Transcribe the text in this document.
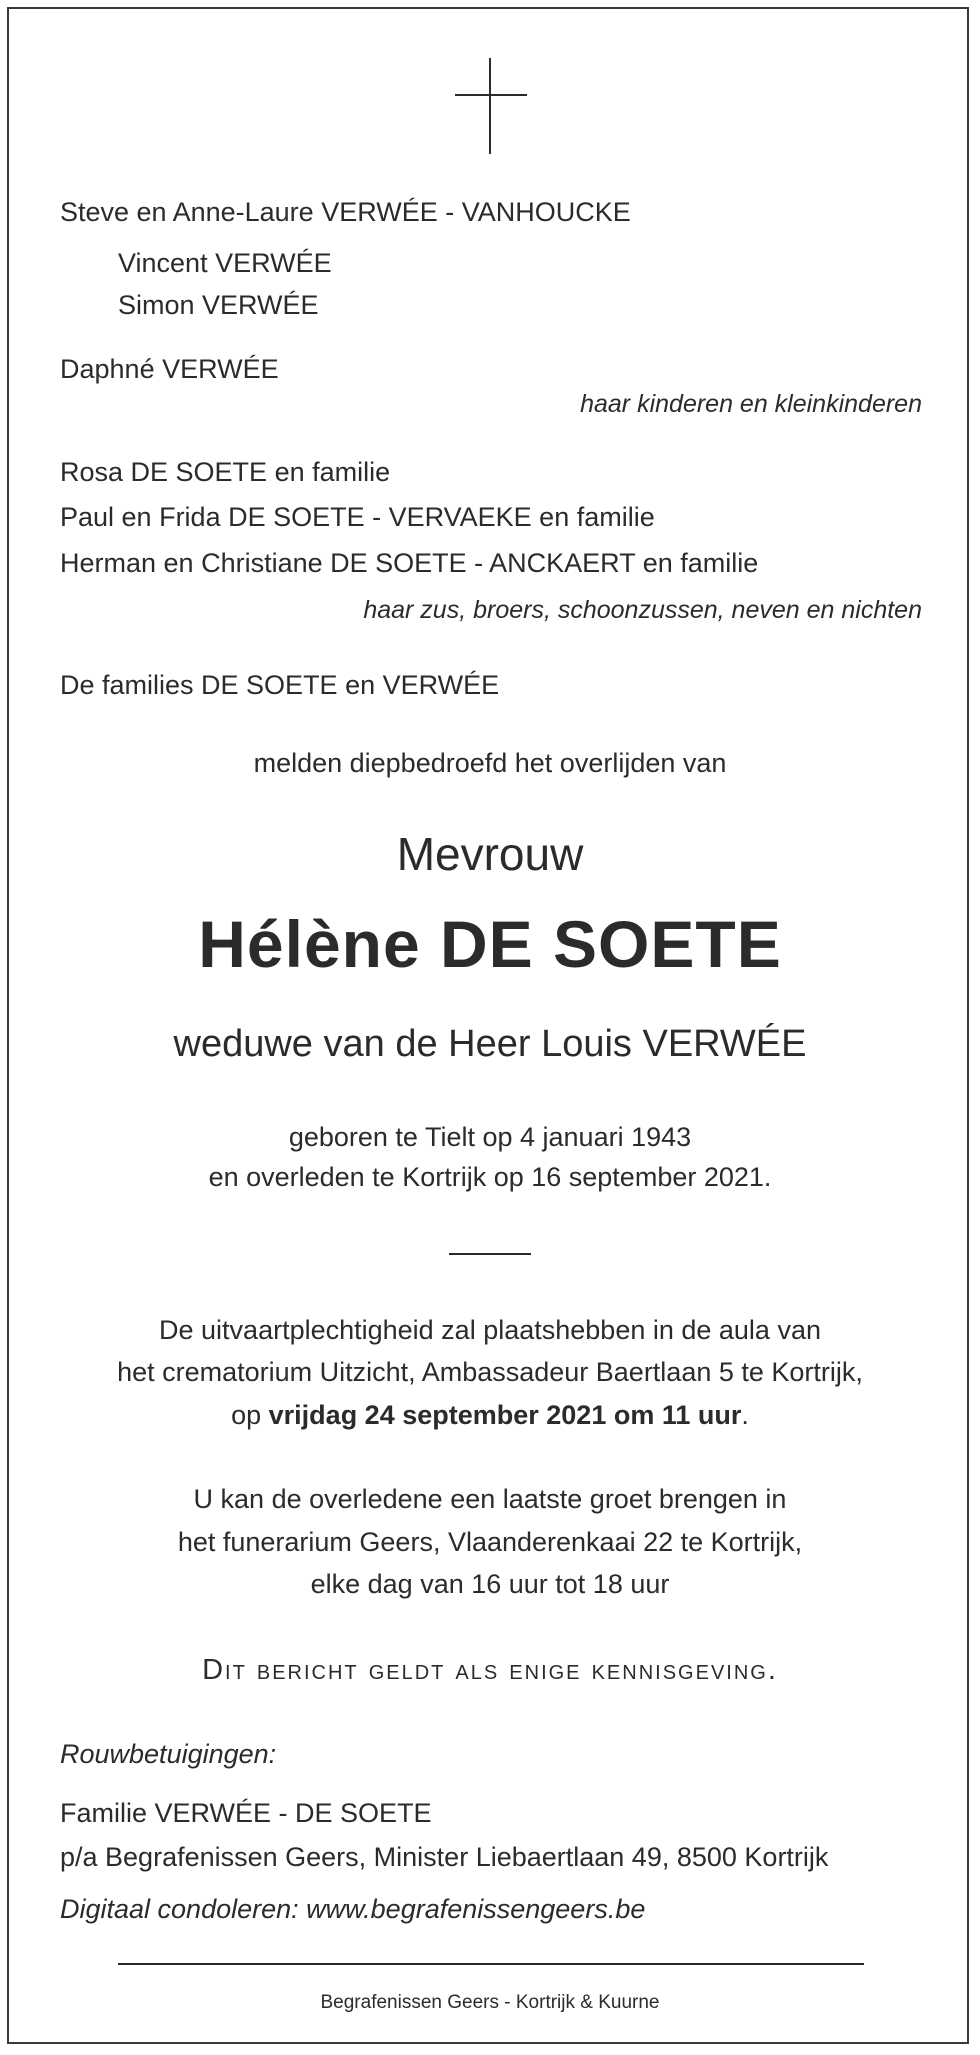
Steve en Anne-Laure VERWÉE - VANHOUCKE
Vincent VERWÉE
Simon VERWÉE
Daphné VERWÉE
haar kinderen en kleinkinderen
Rosa DE SOETE en familie
Paul en Frida DE SOETE - VERVAEKE en familie
Herman en Christiane DE SOETE - ANCKAERT en familie
haar zus, broers, schoonzussen, neven en nichten
De families DE SOETE en VERWÉE
melden diepbedroefd het overlijden van
Mevrouw
Hélène DE SOETE
weduwe van de Heer Louis VERWÉE
geboren te Tielt op 4 januari 1943
en overleden te Kortrijk op 16 september 2021.
De uitvaartplechtigheid zal plaatshebben in de aula van
het crematorium Uitzicht, Ambassadeur Baertlaan 5 te Kortrijk,
op vrijdag 24 september 2021 om 11 uur.
U kan de overledene een laatste groet brengen in
het funerarium Geers, Vlaanderenkaai 22 te Kortrijk,
elke dag van 16 uur tot 18 uur
Dit bericht geldt als enige kennisgeving.
Rouwbetuigingen:
Familie VERWÉE - DE SOETE
p/a Begrafenissen Geers, Minister Liebaertlaan 49, 8500 Kortrijk
Digitaal condoleren: www.begrafenissengeers.be
Begrafenissen Geers - Kortrijk & Kuurne
